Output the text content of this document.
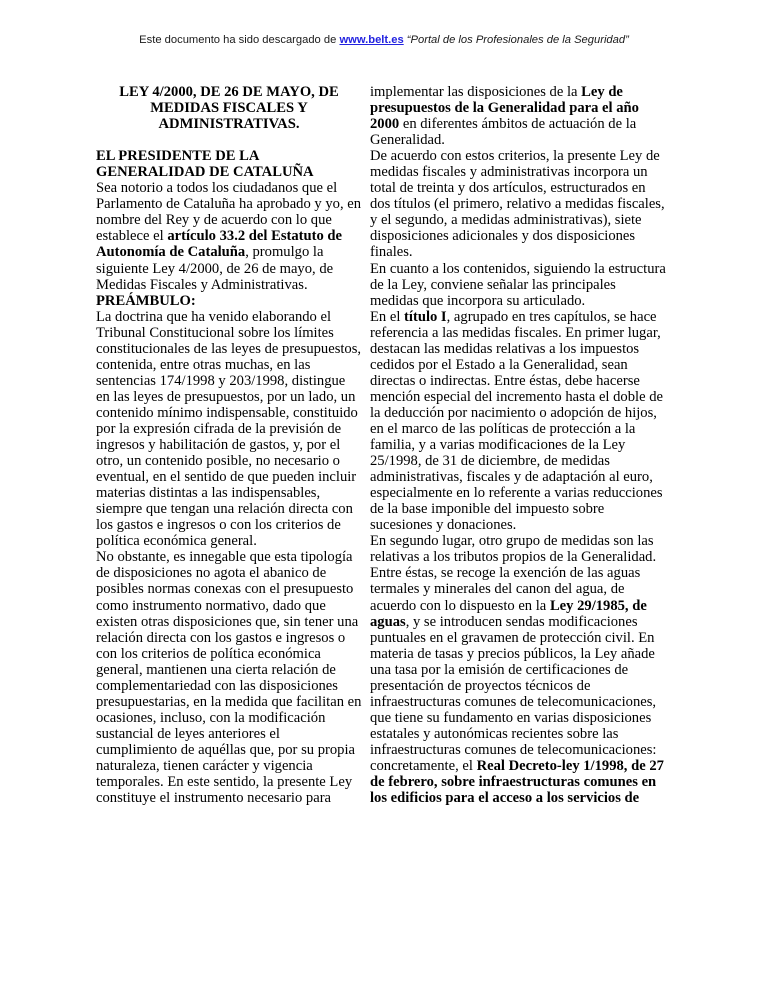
Este documento ha sido descargado de www.belt.es “Portal de los Profesionales de la Seguridad”

LEY 4/2000, DE 26 DE MAYO, DE MEDIDAS FISCALES Y ADMINISTRATIVAS.

EL PRESIDENTE DE LA GENERALIDAD DE CATALUÑA

Sea notorio a todos los ciudadanos que el Parlamento de Cataluña ha aprobado y yo, en nombre del Rey y de acuerdo con lo que establece el artículo 33.2 del Estatuto de Autonomía de Cataluña, promulgo la siguiente Ley 4/2000, de 26 de mayo, de Medidas Fiscales y Administrativas.

PREÁMBULO:

La doctrina que ha venido elaborando el Tribunal Constitucional sobre los límites constitucionales de las leyes de presupuestos, contenida, entre otras muchas, en las sentencias 174/1998 y 203/1998, distingue en las leyes de presupuestos, por un lado, un contenido mínimo indispensable, constituido por la expresión cifrada de la previsión de ingresos y habilitación de gastos, y, por el otro, un contenido posible, no necesario o eventual, en el sentido de que pueden incluir materias distintas a las indispensables, siempre que tengan una relación directa con los gastos e ingresos o con los criterios de política económica general.

No obstante, es innegable que esta tipología de disposiciones no agota el abanico de posibles normas conexas con el presupuesto como instrumento normativo, dado que existen otras disposiciones que, sin tener una relación directa con los gastos e ingresos o con los criterios de política económica general, mantienen una cierta relación de complementariedad con las disposiciones presupuestarias, en la medida que facilitan en ocasiones, incluso, con la modificación sustancial de leyes anteriores el cumplimiento de aquéllas que, por su propia naturaleza, tienen carácter y vigencia temporales. En este sentido, la presente Ley constituye el instrumento necesario para

implementar las disposiciones de la Ley de presupuestos de la Generalidad para el año 2000 en diferentes ámbitos de actuación de la Generalidad.

De acuerdo con estos criterios, la presente Ley de medidas fiscales y administrativas incorpora un total de treinta y dos artículos, estructurados en dos títulos (el primero, relativo a medidas fiscales, y el segundo, a medidas administrativas), siete disposiciones adicionales y dos disposiciones finales.

En cuanto a los contenidos, siguiendo la estructura de la Ley, conviene señalar las principales medidas que incorpora su articulado.

En el título I, agrupado en tres capítulos, se hace referencia a las medidas fiscales. En primer lugar, destacan las medidas relativas a los impuestos cedidos por el Estado a la Generalidad, sean directas o indirectas. Entre éstas, debe hacerse mención especial del incremento hasta el doble de la deducción por nacimiento o adopción de hijos, en el marco de las políticas de protección a la familia, y a varias modificaciones de la Ley 25/1998, de 31 de diciembre, de medidas administrativas, fiscales y de adaptación al euro, especialmente en lo referente a varias reducciones de la base imponible del impuesto sobre sucesiones y donaciones.

En segundo lugar, otro grupo de medidas son las relativas a los tributos propios de la Generalidad. Entre éstas, se recoge la exención de las aguas termales y minerales del canon del agua, de acuerdo con lo dispuesto en la Ley 29/1985, de aguas, y se introducen sendas modificaciones puntuales en el gravamen de protección civil. En materia de tasas y precios públicos, la Ley añade una tasa por la emisión de certificaciones de presentación de proyectos técnicos de infraestructuras comunes de telecomunicaciones, que tiene su fundamento en varias disposiciones estatales y autonómicas recientes sobre las infraestructuras comunes de telecomunicaciones: concretamente, el Real Decreto-ley 1/1998, de 27 de febrero, sobre infraestructuras comunes en los edificios para el acceso a los servicios de
